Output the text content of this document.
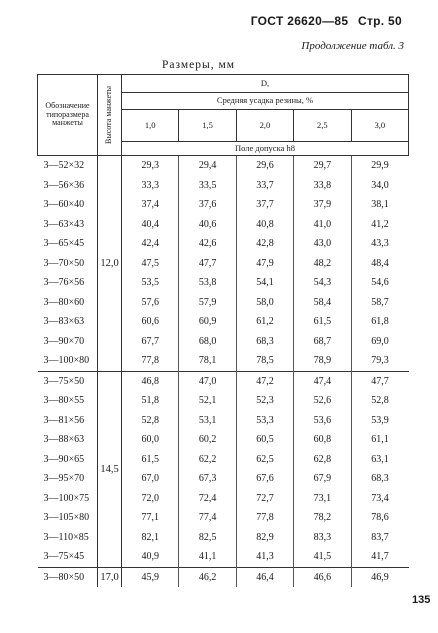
ГОСТ 26620—85 Стр. 50
Продолжение табл. 3
Размеры, мм
Обозначение типоразмера манжеты	Высота манжеты	D,				
		Средняя усадка резины, %				
		1,0	1,5	2,0	2,5	3,0
		Поле допуска h8				
3—52×32	12,0	29,3	29,4	29,6	29,7	29,9
3—56×36		33,3	33,5	33,7	33,8	34,0
3—60×40		37,4	37,6	37,7	37,9	38,1
3—63×43		40,4	40,6	40,8	41,0	41,2
3—65×45		42,4	42,6	42,8	43,0	43,3
3—70×50		47,5	47,7	47,9	48,2	48,4
3—76×56		53,5	53,8	54,1	54,3	54,6
3—80×60		57,6	57,9	58,0	58,4	58,7
3—83×63		60,6	60,9	61,2	61,5	61,8
3—90×70		67,7	68,0	68,3	68,7	69,0
3—100×80		77,8	78,1	78,5	78,9	79,3
3—75×50	14,5	46,8	47,0	47,2	47,4	47,7
3—80×55		51,8	52,1	52,3	52,6	52,8
3—81×56		52,8	53,1	53,3	53,6	53,9
3—88×63		60,0	60,2	60,5	60,8	61,1
3—90×65		61,5	62,2	62,5	62,8	63,1
3—95×70		67,0	67,3	67,6	67,9	68,3
3—100×75		72,0	72,4	72,7	73,1	73,4
3—105×80		77,1	77,4	77,8	78,2	78,6
3—110×85		82,1	82,5	82,9	83,3	83,7
3—75×45		40,9	41,1	41,3	41,5	41,7
3—80×50	17,0	45,9	46,2	46,4	46,6	46,9
135
